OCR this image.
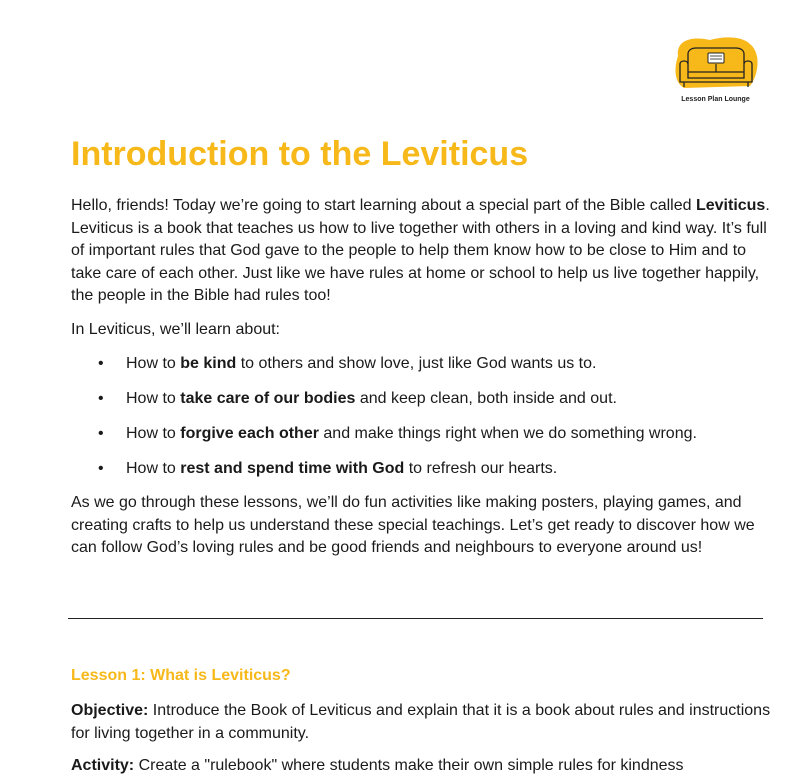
Lesson Plan Lounge
Introduction to the Leviticus

Hello, friends! Today we’re going to start learning about a special part of the Bible called Leviticus. Leviticus is a book that teaches us how to live together with others in a loving and kind way. It’s full of important rules that God gave to the people to help them know how to be close to Him and to take care of each other. Just like we have rules at home or school to help us live together happily, the people in the Bible had rules too!

In Leviticus, we’ll learn about:

• How to be kind to others and show love, just like God wants us to.
• How to take care of our bodies and keep clean, both inside and out.
• How to forgive each other and make things right when we do something wrong.
• How to rest and spend time with God to refresh our hearts.

As we go through these lessons, we’ll do fun activities like making posters, playing games, and creating crafts to help us understand these special teachings. Let’s get ready to discover how we can follow God’s loving rules and be good friends and neighbours to everyone around us!

Lesson 1: What is Leviticus?

Objective: Introduce the Book of Leviticus and explain that it is a book about rules and instructions for living together in a community.

Activity: Create a "rulebook" where students make their own simple rules for kindness
